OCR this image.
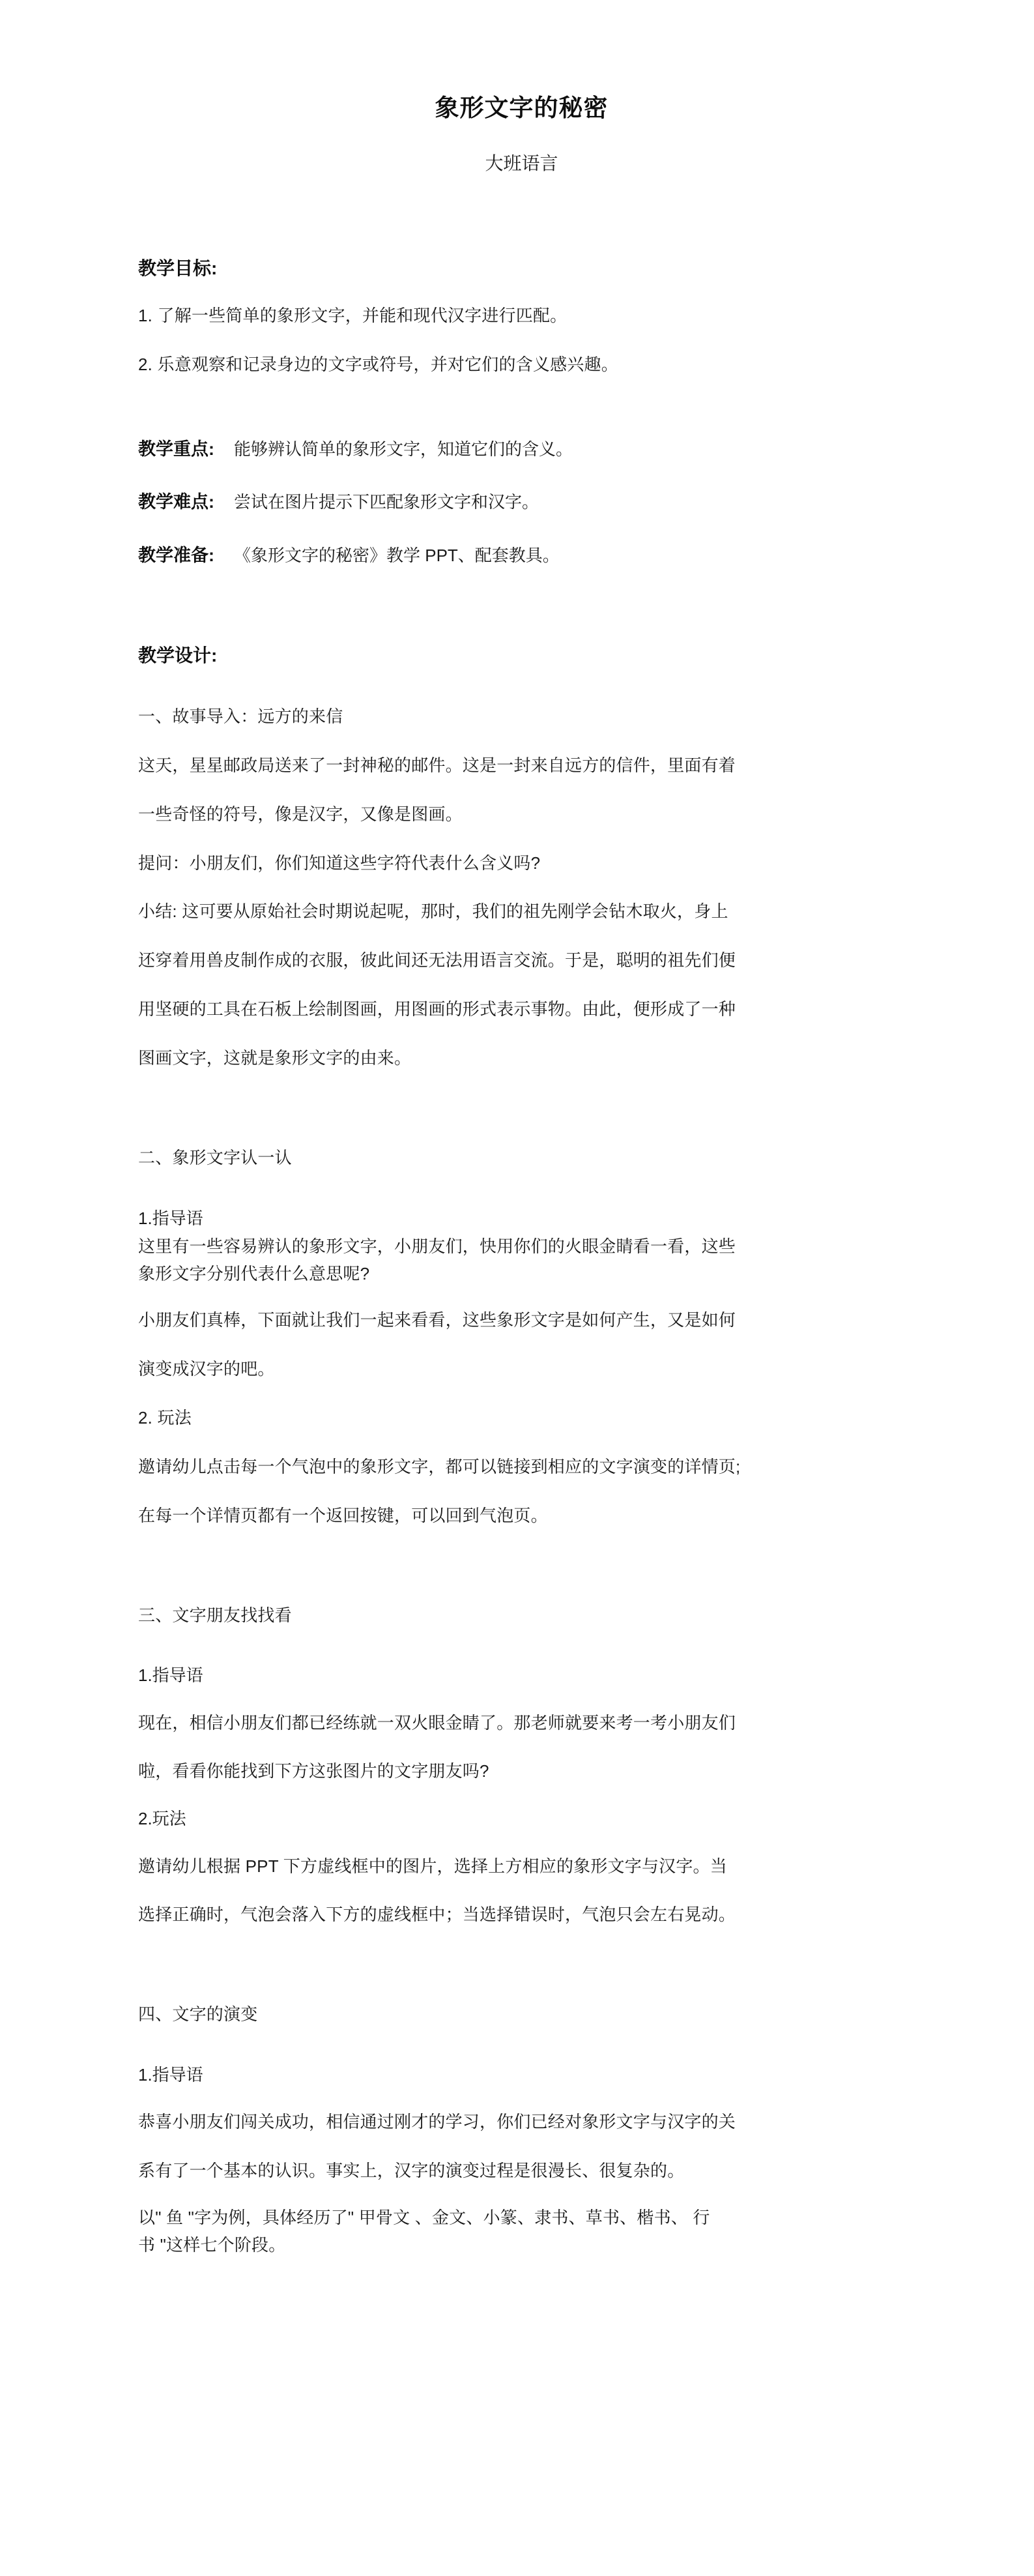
象形文字的秘密
大班语言
教学目标:

1. 了解一些简单的象形文字，并能和现代汉字进行匹配。

2. 乐意观察和记录身边的文字或符号，并对它们的含义感兴趣。

教学重点:	能够辨认简单的象形文字，知道它们的含义。
教学难点:	尝试在图片提示下匹配象形文字和汉字。
教学准备:	《象形文字的秘密》教学 PPT、配套教具。
教学设计:

一、故事导入：远方的来信

这天，星星邮政局送来了一封神秘的邮件。这是一封来自远方的信件，里面有着

一些奇怪的符号，像是汉字，又像是图画。

提问：小朋友们，你们知道这些字符代表什么含义吗?

小结: 这可要从原始社会时期说起呢，那时，我们的祖先刚学会钻木取火，身上

还穿着用兽皮制作成的衣服，彼此间还无法用语言交流。于是，聪明的祖先们便

用坚硬的工具在石板上绘制图画，用图画的形式表示事物。由此，便形成了一种

图画文字，这就是象形文字的由来。

二、象形文字认一认

1.指导语

这里有一些容易辨认的象形文字，小朋友们，快用你们的火眼金睛看一看，这些

象形文字分别代表什么意思呢?

小朋友们真棒，下面就让我们一起来看看，这些象形文字是如何产生，又是如何

演变成汉字的吧。

2. 玩法

邀请幼儿点击每一个气泡中的象形文字，都可以链接到相应的文字演变的详情页;

在每一个详情页都有一个返回按键，可以回到气泡页。

三、文字朋友找找看

1.指导语

现在，相信小朋友们都已经练就一双火眼金睛了。那老师就要来考一考小朋友们

啦，看看你能找到下方这张图片的文字朋友吗?

2.玩法

邀请幼儿根据 PPT 下方虚线框中的图片，选择上方相应的象形文字与汉字。当

选择正确时，气泡会落入下方的虚线框中；当选择错误时，气泡只会左右晃动。

四、文字的演变

1.指导语

恭喜小朋友们闯关成功，相信通过刚才的学习，你们已经对象形文字与汉字的关

系有了一个基本的认识。事实上，汉字的演变过程是很漫长、很复杂的。

以" 鱼 "字为例，具体经历了" 甲骨文 、金文、小篆、隶书、草书、楷书、 行

书 "这样七个阶段。
